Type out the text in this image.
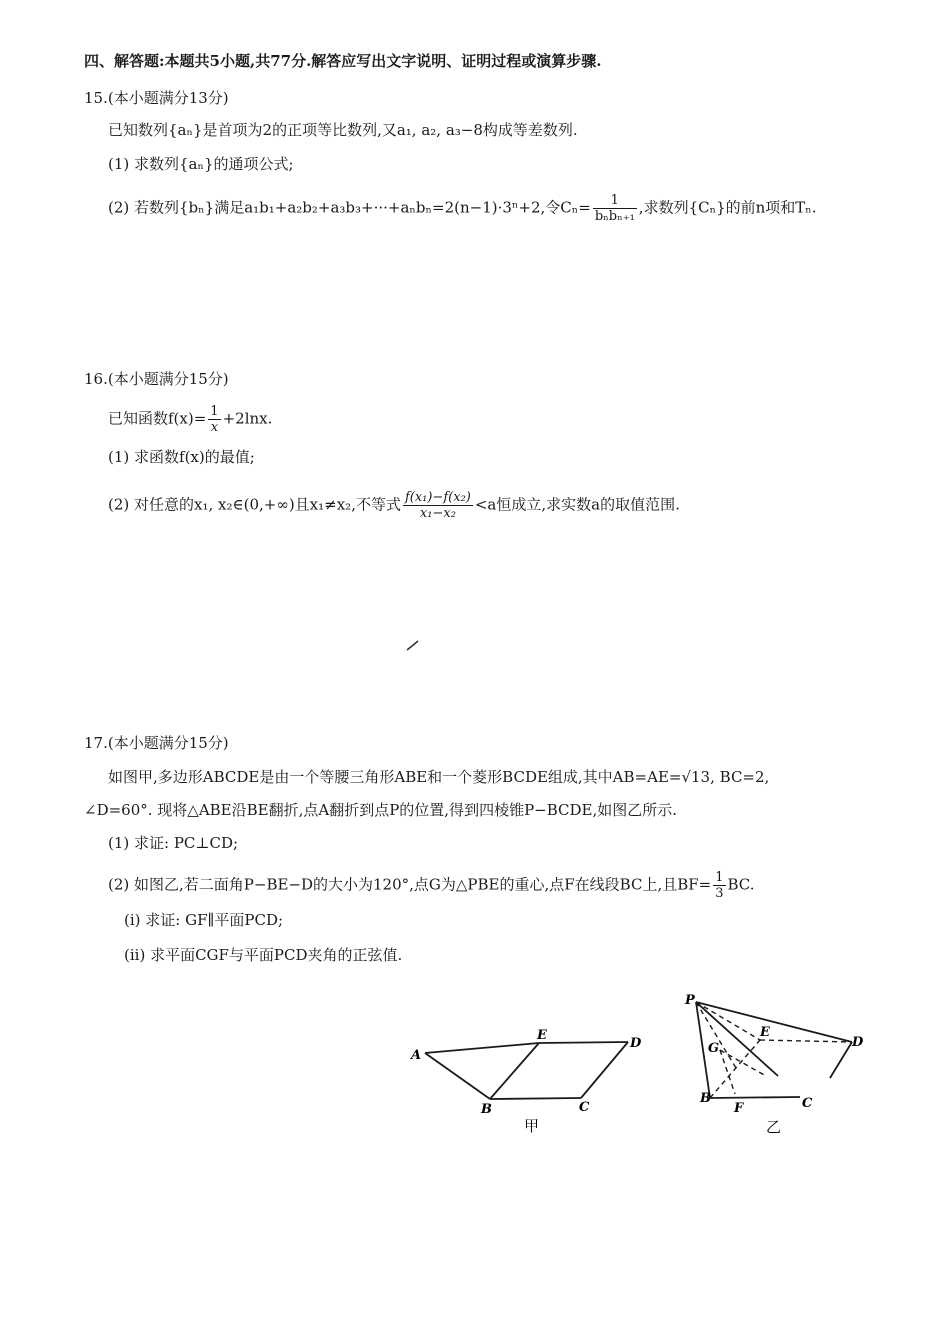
四、解答题:本题共5小题,共77分.解答应写出文字说明、证明过程或演算步骤.
15.(本小题满分13分)
已知数列{aₙ}是首项为2的正项等比数列,又a₁, a₂, a₃−8构成等差数列.
(1) 求数列{aₙ}的通项公式;
(2) 若数列{bₙ}满足a₁b₁+a₂b₂+a₃b₃+···+aₙbₙ=2(n−1)·3ⁿ+2,令$C_n= \frac{1}{\text{bₙbₙ₊₁}}$ ,求数列{Cₙ}的前n项和Tₙ.
16.(本小题满分15分)
已知函数$f(x)= \frac{1}{x} +2\ln x$.
(1) 求函数f(x)的最值;
(2) 对任意的x₁, x₂∈(0,+∞)且x₁≠x₂,不等式 $\frac{\text{f(x₁)−f(x₂)}}{\text{x₁−x₂}} <a$恒成立,求实数a的取值范围.
17.(本小题满分15分)
如图甲,多边形ABCDE是由一个等腰三角形ABE和一个菱形BCDE组成,其中AB=AE=√13, BC=2,
∠D=60°. 现将△ABE沿BE翻折,点A翻折到点P的位置,得到四棱锥P−BCDE,如图乙所示.
(1) 求证: PC⊥CD;
(2) 如图乙,若二面角P−BE−D的大小为120°,点G为△PBE的重心,点F在线段BC上,且$BF= \frac{1}{3}$ BC.
(i) 求证: GF∥平面PCD;
(ii) 求平面CGF与平面PCD夹角的正弦值.
A
E
D
B	C
甲
P
E
D
G
B
F	C
乙
